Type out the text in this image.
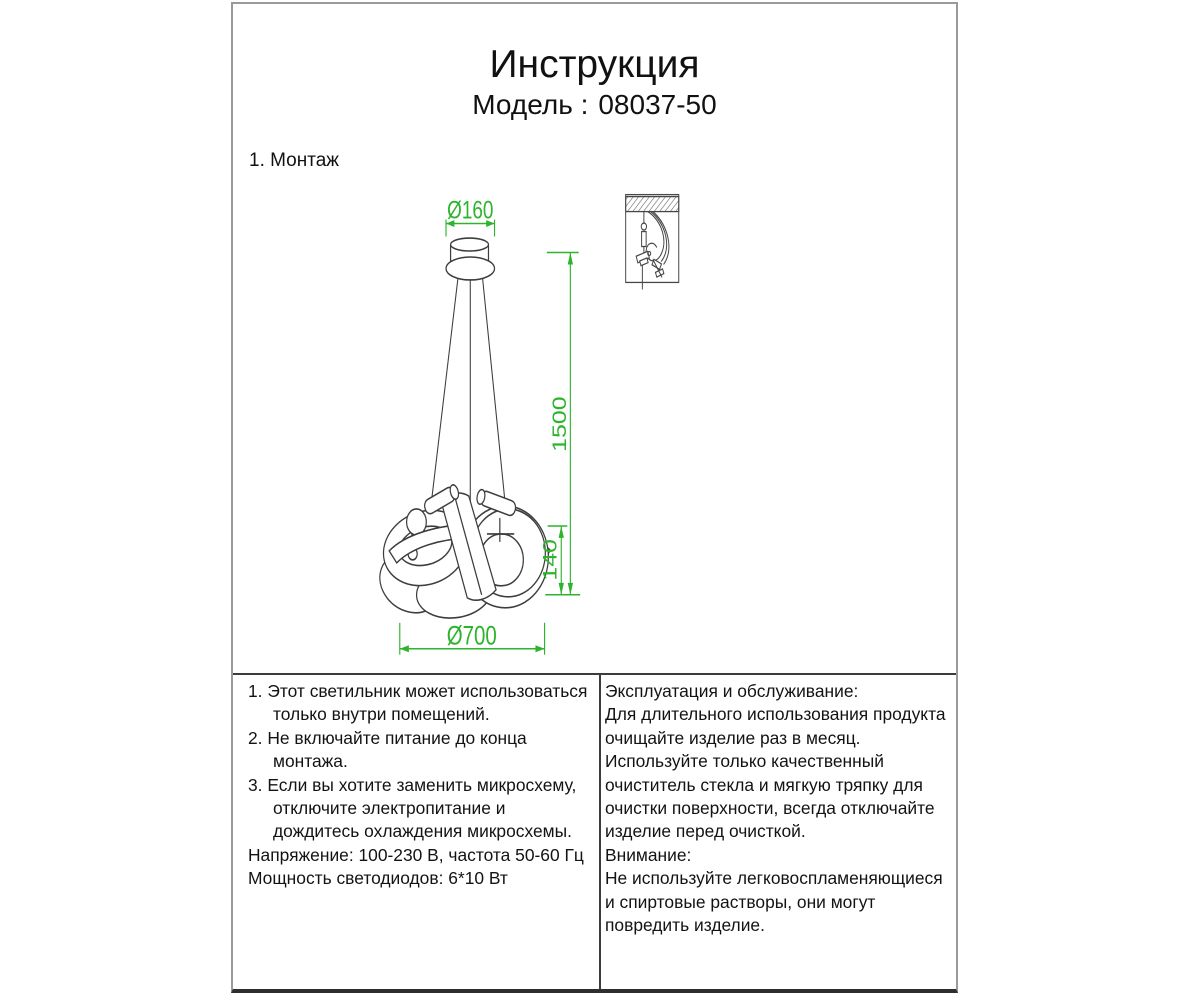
Инструкция
Модель : 08037-50
1. Монтаж
Ø160
1500
140
Ø700
1. Этот светильник может использоваться
только внутри помещений.
2. Не включайте питание до конца
монтажа.
3. Если вы хотите заменить микросхему,
отключите электропитание и
дождитесь охлаждения микросхемы.
Напряжение: 100-230 В, частота 50-60 Гц
Мощность светодиодов: 6*10 Вт
Эксплуатация и обслуживание:
Для длительного использования продукта
очищайте изделие раз в месяц.
Используйте только качественный
очиститель стекла и мягкую тряпку для
очистки поверхности, всегда отключайте
изделие перед очисткой.
Внимание:
Не используйте легковоспламеняющиеся
и спиртовые растворы, они могут
повредить изделие.
